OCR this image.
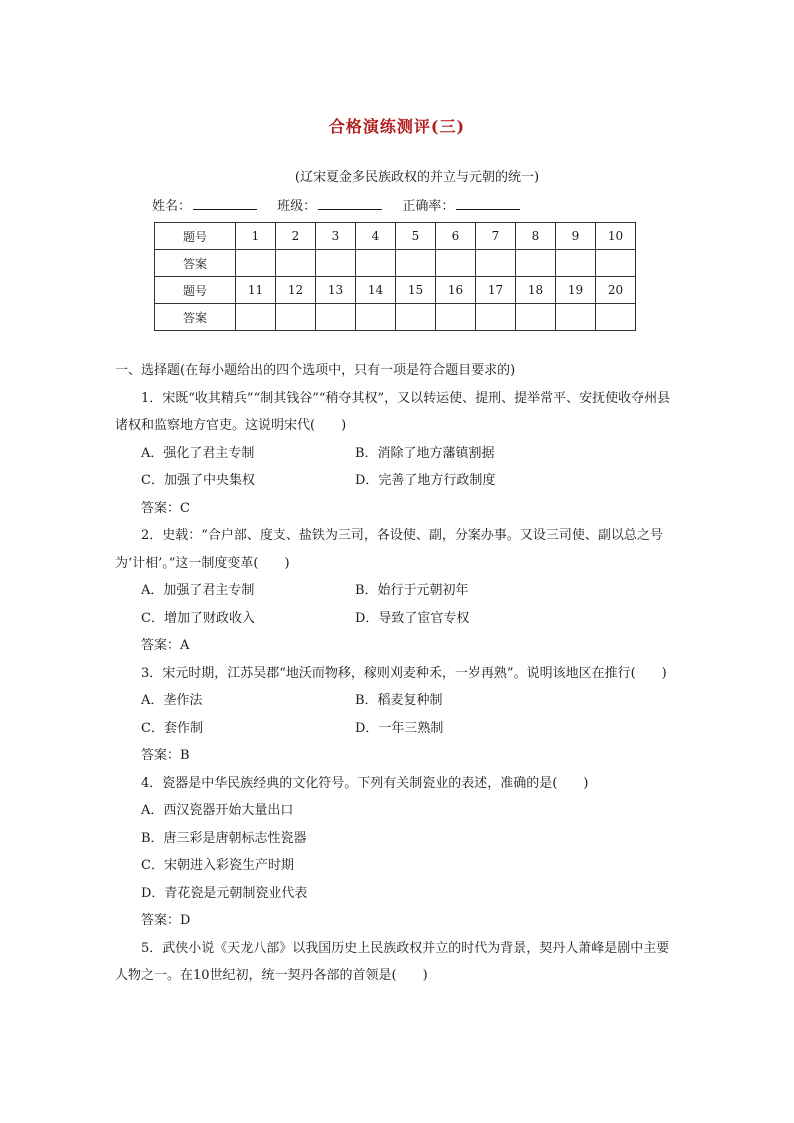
合格演练测评(三)
(辽宋夏金多民族政权的并立与元朝的统一)
姓名：	班级：	正确率：
题号	1	2	3	4	5	6	7	8	9	10
答案										
题号	11	12	13	14	15	16	17	18	19	20
答案										

一、选择题(在每小题给出的四个选项中，只有一项是符合题目要求的)

1．宋既“收其精兵”“制其钱谷”“稍夺其权”，又以转运使、提刑、提举常平、安抚使收夺州县诸权和监察地方官吏。这说明宋代(　　)

A．强化了君主专制	B．消除了地方藩镇割据
C．加强了中央集权	D．完善了地方行政制度

答案：C

2．史载：“合户部、度支、盐铁为三司，各设使、副，分案办事。又设三司使、副以总之号为‘计相’。”这一制度变革(　　)

A．加强了君主专制	B．始行于元朝初年
C．增加了财政收入	D．导致了宦官专权

答案：A

3．宋元时期，江苏吴郡“地沃而物移，稼则刈麦种禾，一岁再熟”。说明该地区在推行(　　)

A．垄作法	B．稻麦复种制
C．套作制	D．一年三熟制

答案：B

4．瓷器是中华民族经典的文化符号。下列有关制瓷业的表述，准确的是(　　)

A．西汉瓷器开始大量出口

B．唐三彩是唐朝标志性瓷器

C．宋朝进入彩瓷生产时期

D．青花瓷是元朝制瓷业代表

答案：D

5．武侠小说《天龙八部》以我国历史上民族政权并立的时代为背景，契丹人萧峰是剧中主要人物之一。在10世纪初，统一契丹各部的首领是(　　)
